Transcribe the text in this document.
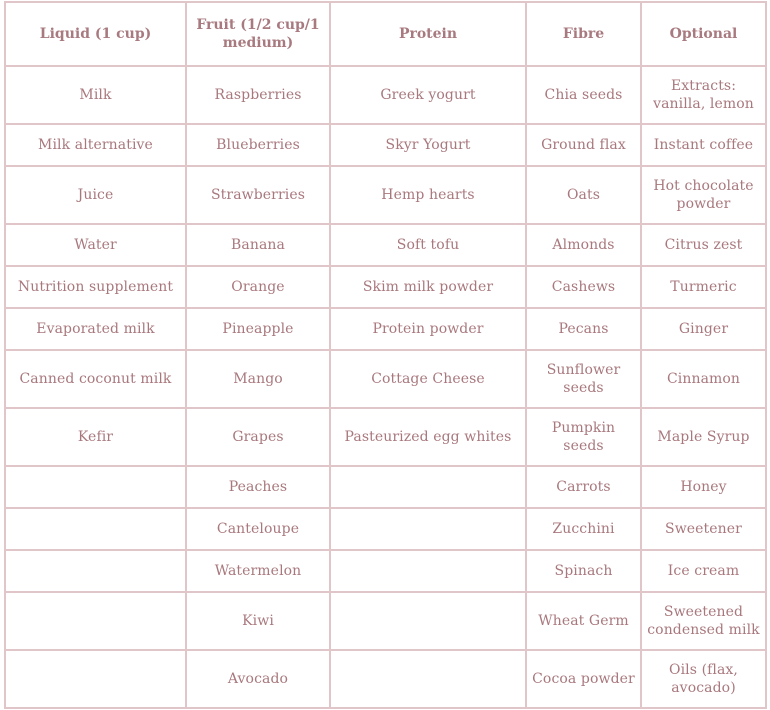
Liquid (1 cup)	Fruit (1/2 cup/1 medium)	Protein	Fibre	Optional
Milk	Raspberries	Greek yogurt	Chia seeds	Extracts: vanilla, lemon
Milk alternative	Blueberries	Skyr Yogurt	Ground flax	Instant coffee
Juice	Strawberries	Hemp hearts	Oats	Hot chocolate powder
Water	Banana	Soft tofu	Almonds	Citrus zest
Nutrition supplement	Orange	Skim milk powder	Cashews	Turmeric
Evaporated milk	Pineapple	Protein powder	Pecans	Ginger
Canned coconut milk	Mango	Cottage Cheese	Sunflower seeds	Cinnamon
Kefir	Grapes	Pasteurized egg whites	Pumpkin seeds	Maple Syrup
	Peaches		Carrots	Honey
	Canteloupe		Zucchini	Sweetener
	Watermelon		Spinach	Ice cream
	Kiwi		Wheat Germ	Sweetened condensed milk
	Avocado		Cocoa powder	Oils (flax, avocado)
